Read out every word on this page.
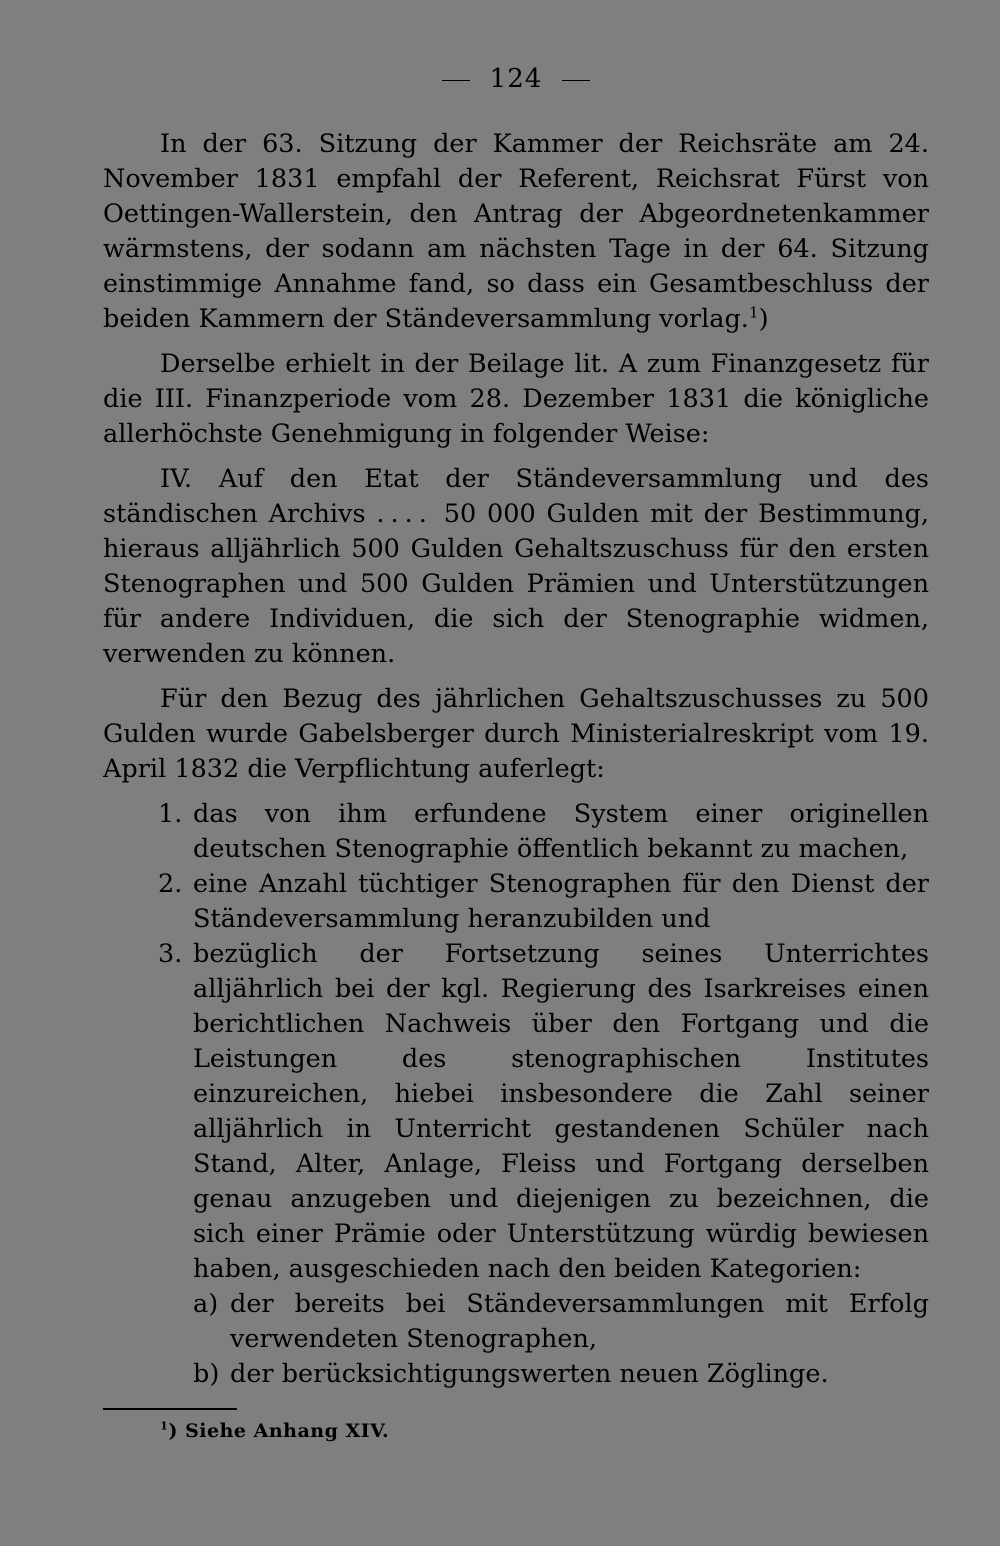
124

In der 63. Sitzung der Kammer der Reichsräte am 24. November 1831 empfahl der Referent, Reichsrat Fürst von Oettingen-Wallerstein, den Antrag der Abgeordnetenkammer wärmstens, der sodann am nächsten Tage in der 64. Sitzung einstimmige Annahme fand, so dass ein Gesamtbeschluss der beiden Kammern der Ständeversammlung vorlag.$^1$)

Derselbe erhielt in der Beilage lit. A zum Finanzgesetz für die III. Finanzperiode vom 28. Dezember 1831 die königliche allerhöchste Genehmigung in folgender Weise:

IV. Auf den Etat der Ständeversammlung und des ständischen Archivs .... 50 000 Gulden mit der Bestimmung, hieraus alljährlich 500 Gulden Gehaltszuschuss für den ersten Stenographen und 500 Gulden Prämien und Unterstützungen für andere Individuen, die sich der Stenographie widmen, verwenden zu können.

Für den Bezug des jährlichen Gehaltszuschusses zu 500 Gulden wurde Gabelsberger durch Ministerialreskript vom 19. April 1832 die Verpflichtung auferlegt:

1. das von ihm erfundene System einer originellen deutschen Stenographie öffentlich bekannt zu machen,
2. eine Anzahl tüchtiger Stenographen für den Dienst der Ständeversammlung heranzubilden und
3. bezüglich der Fortsetzung seines Unterrichtes alljährlich bei der kgl. Regierung des Isarkreises einen berichtlichen Nachweis über den Fortgang und die Leistungen des stenographischen Institutes einzureichen, hiebei insbesondere die Zahl seiner alljährlich in Unterricht gestandenen Schüler nach Stand, Alter, Anlage, Fleiss und Fortgang derselben genau anzugeben und diejenigen zu bezeichnen, die sich einer Prämie oder Unterstützung würdig bewiesen haben, ausgeschieden nach den beiden Kategorien:
a) der bereits bei Ständeversammlungen mit Erfolg verwendeten Stenographen,
b) der berücksichtigungswerten neuen Zöglinge.
$^1$) Siehe Anhang XIV.
